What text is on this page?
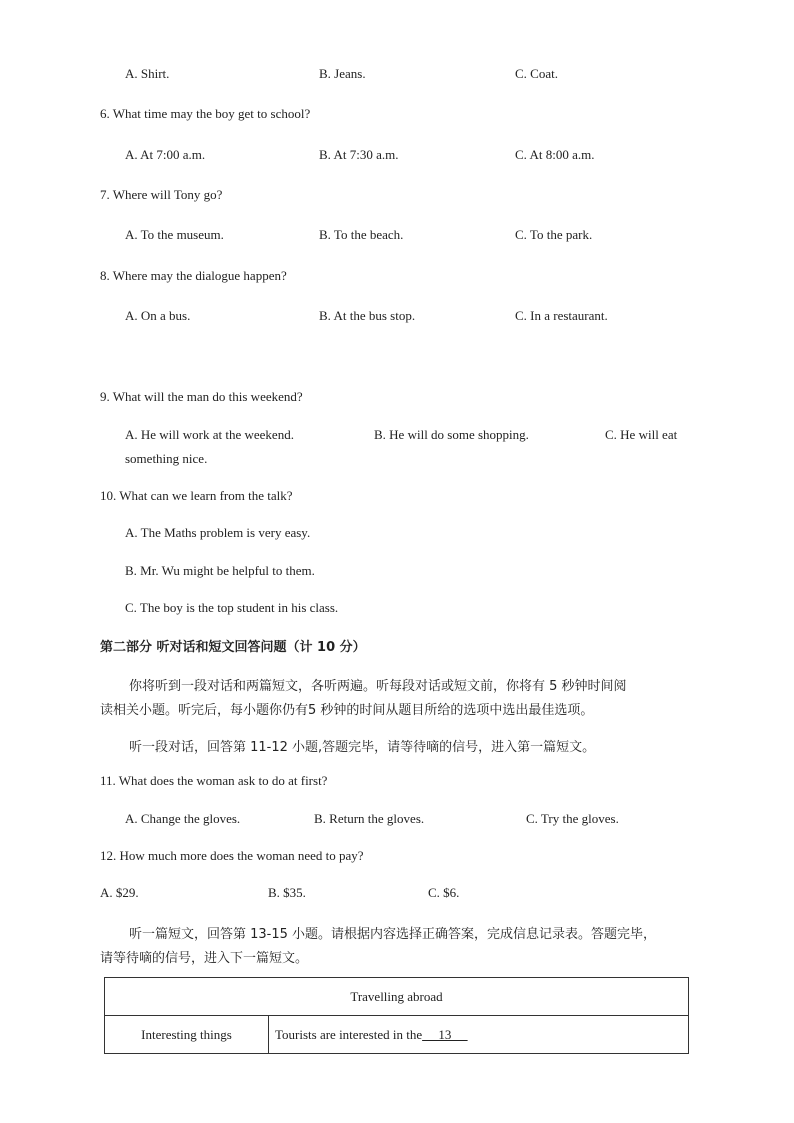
A. Shirt.	B. Jeans.	C. Coat.
6. What time may the boy get to school?
A. At 7:00 a.m.	B. At 7:30 a.m.	C. At 8:00 a.m.
7. Where will Tony go?
A. To the museum.	B. To the beach.	C. To the park.
8. Where may the dialogue happen?
A. On a bus.	B. At the bus stop.	C. In a restaurant.
9. What will the man do this weekend?
A. He will work at the weekend.	B. He will do some shopping.	C. He will eat
something nice.
10. What can we learn from the talk?
A. The Maths problem is very easy.
B. Mr. Wu might be helpful to them.
C. The boy is the top student in his class.
第二部分 听对话和短文回答问题（计 10 分）
你将听到一段对话和两篇短文，各听两遍。听每段对话或短文前，你将有 5 秒钟时间阅
读相关小题。听完后，每小题你仍有5 秒钟的时间从题目所给的选项中选出最佳选项。
听一段对话，回答第 11-12 小题,答题完毕，请等待嘀的信号，进入第一篇短文。
11. What does the woman ask to do at first?
A. Change the gloves.	B. Return the gloves.	C. Try the gloves.
12. How much more does the woman need to pay?
A. $29.	B. $35.	C. $6.
听一篇短文，回答第 13-15 小题。请根据内容选择正确答案，完成信息记录表。答题完毕，
请等待嘀的信号，进入下一篇短文。
Travelling abroad
Interesting things	Tourists are interested in the     13
